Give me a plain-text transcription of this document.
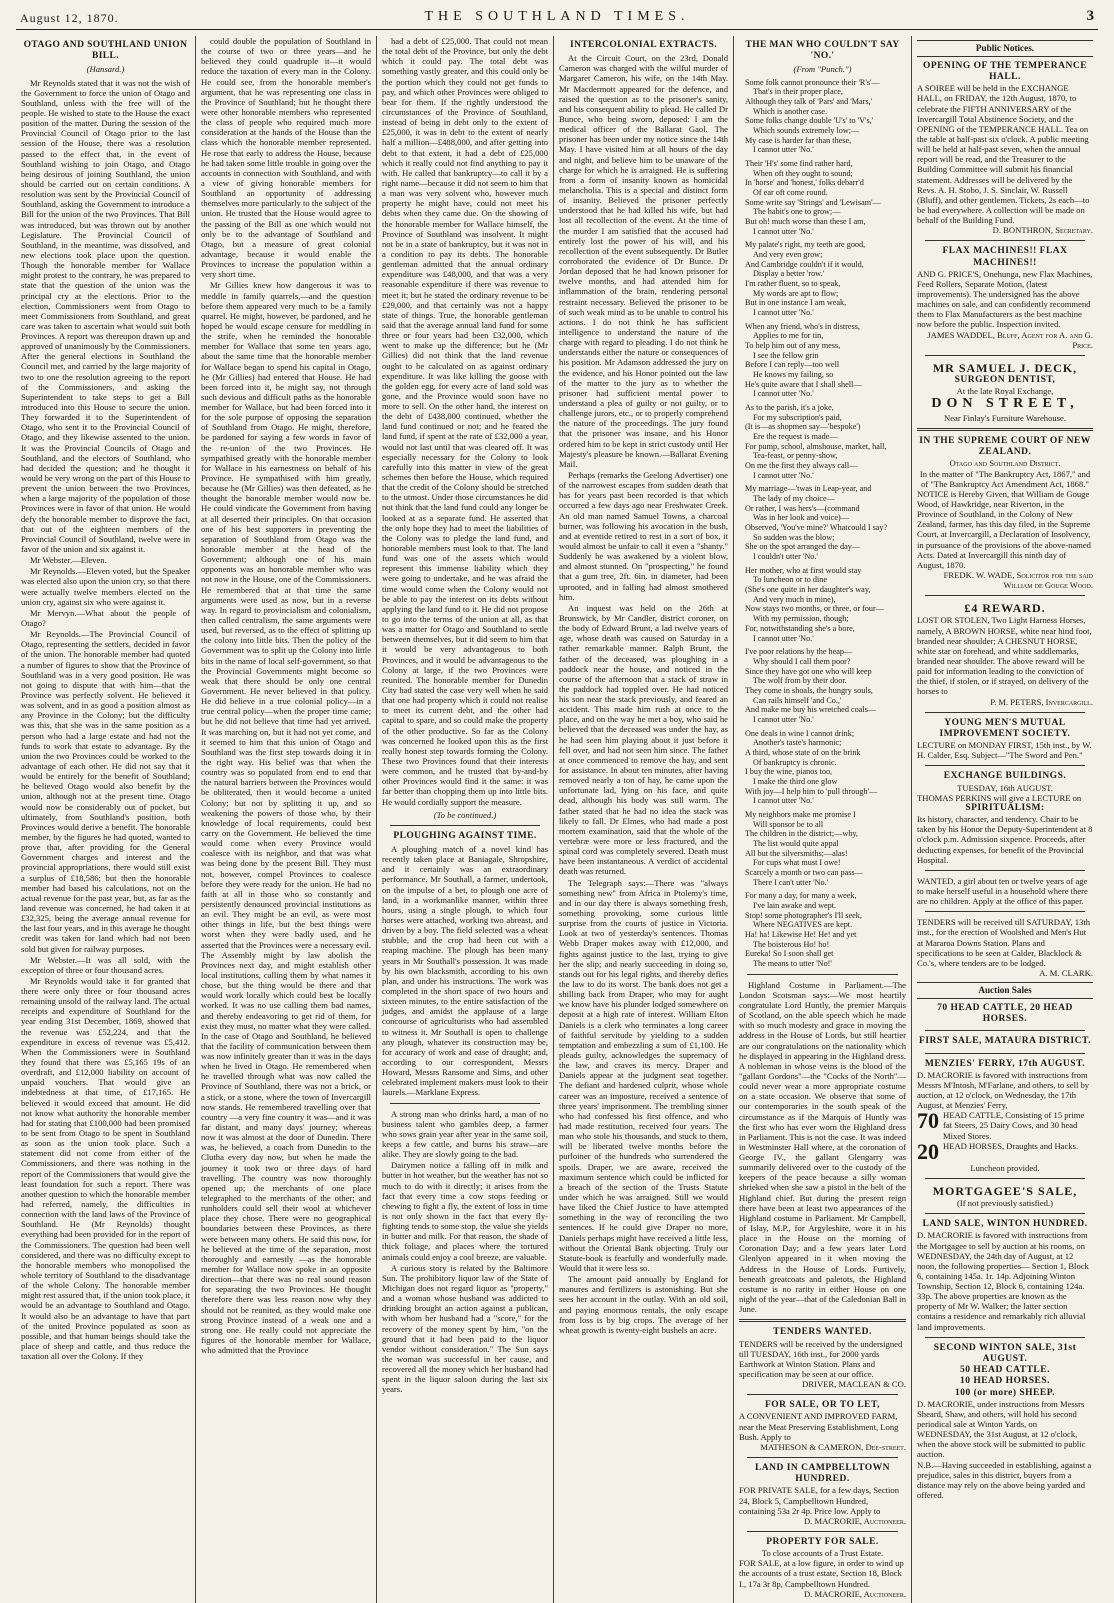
August 12, 1870.	THE SOUTHLAND TIMES.	3
OTAGO AND SOUTHLAND UNION BILL.
(Hansard.)

Mr Reynolds stated that it was not the wish of the Government to force the union of Otago and Southland, unless with the free will of the people. He wished to state to the House the exact position of the matter. During the session of the Provincial Council of Otago prior to the last session of the House, there was a resolution passed to the effect that, in the event of Southland wishing to join Otago, and Otago being desirous of joining Southland, the union should be carried out on certain conditions. A resolution was sent by the Provincial Council of Southland, asking the Government to introduce a Bill for the union of the two Provinces. That Bill was introduced, but was thrown out by another Legislature. The Provincial Council of Southland, in the meantime, was dissolved, and new elections took place upon the question. Though the honorable member for Wallace might protest to the contrary, he was prepared to state that the question of the union was the principal cry at the elections. Prior to the election, Commissioners went from Otago to meet Commissioners from Southland, and great care was taken to ascertain what would suit both Provinces. A report was thereupon drawn up and approved of unanimously by the Commissioners. After the general elections in Southland the Council met, and carried by the large majority of two to one the resolution agreeing to the report of the Commissioners, and asking the Superintendent to take steps to get a Bill introduced into this House to secure the union. They forwarded it to the Superintendent of Otago, who sent it to the Provincial Council of Otago, and they likewise assented to the union. It was the Provincial Councils of Otago and Southland, and the electors of Southland, who had decided the question; and he thought it would be very wrong on the part of this House to prevent the union between the two Provinces, when a large majority of the population of those Provinces were in favor of that union. He would defy the honorable member to disprove the fact, that out of the eighteen members of the Provincial Council of Southland, twelve were in favor of the union and six against it.

Mr Webster.—Eleven.

Mr Reynolds.—Eleven voted, but the Speaker was elected also upon the union cry, so that there were actually twelve members elected on the union cry, against six who were against it.

Mr Mervyn.—What about the people of Otago?

Mr Reynolds.—The Provincial Council of Otago, representing the settlers, decided in favor of the union. The honorable member had quoted a number of figures to show that the Province of Southland was in a very good position. He was not going to dispute that with him—that the Province was perfectly solvent. He believed it was solvent, and in as good a position almost as any Province in the Colony; but the difficulty was this, that she was in the same position as a person who had a large estate and had not the funds to work that estate to advantage. By the union the two Provinces could be worked to the advantage of each other. He did not say that it would be entirely for the benefit of Southland; he believed Otago would also benefit by the union, although not at the present time. Otago would now be considerably out of pocket, but ultimately, from Southland's position, both Provinces would derive a benefit. The honorable member, by the figures he had quoted, wanted to prove that, after providing for the General Government charges and interest and the provincial appropriations, there would still exist a surplus of £18,586; but then the honorable member had based his calculations, not on the actual revenue for the past year, but, as far as the land revenue was concerned, he had taken it at £32,325, being the average annual revenue for the last four years, and in this average he thought credit was taken for land which had not been sold but given for railway purposes.

Mr Webster.—It was all sold, with the exception of three or four thousand acres.

Mr Reynolds would take it for granted that there were only three or four thousand acres remaining unsold of the railway land. The actual receipts and expenditure of Southland for the year ending 31st December, 1869, showed that the revenue was £52,224, and that the expenditure in excess of revenue was £5,412. When the Commissioners were in Southland they found that there was £5,165 19s of an overdraft, and £12,000 liability on account of unpaid vouchers. That would give an indebtedness at that time, of £17,165. He believed it would exceed that amount. He did not know what authority the honorable member had for stating that £100,000 had been promised to be sent from Otago to be spent in Southland as soon as the union took place. Such a statement did not come from either of the Commissioners, and there was nothing in the report of the Commissioners that would give the least foundation for such a report. There was another question to which the honorable member had referred, namely, the difficulties in connection with the land laws of the Province of Southland. He (Mr Reynolds) thought everything had been provided for in the report of the Commissioners. The question had been well considered, and there was no difficulty except to the honorable members who monopolised the whole territory of Southland to the disadvantage of the whole Colony. The honorable member might rest assured that, if the union took place, it would be an advantage to Southland and Otago. It would also be an advantage to have that part of the united Province populated as soon as possible, and that human beings should take the place of sheep and cattle, and thus reduce the taxation all over the Colony. If they

could double the population of Southland in the course of two or three years—and he believed they could quadruple it—it would reduce the taxation of every man in the Colony. He could see, from the honorable member's argument, that he was representing one class in the Province of Southland; but he thought there were other honorable members who represented the class of people who required much more consideration at the hands of the House than the class which the honorable member represented. He rose that early to address the House, because he had taken some little trouble in going over the accounts in connection with Southland, and with a view of giving honorable members for Southland an opportunity of addressing themselves more particularly to the subject of the union. He trusted that the House would agree to the passing of the Bill as one which would not only be to the advantage of Southland and Otago, but a measure of great colonial advantage, because it would enable the Provinces to increase the population within a very short time.

Mr Gillies knew how dangerous it was to meddle in family quarrels,—and the question before them appeared very much to be a family quarrel. He might, however, be pardoned, and he hoped he would escape censure for meddling in the strife, when he reminded the honorable member for Wallace that some ten years ago, about the same time that the honorable member for Wallace began to spend his capital in Otago, he (Mr Gillies) had entered that House. He had been forced into it, he might say, not through such devious and difficult paths as the honorable member for Wallace, but had been forced into it for the sole purpose of opposing the separation of Southland from Otago. He might, therefore, be pardoned for saying a few words in favor of the re-union of the two Provinces. He sympathised greatly with the honorable member for Wallace in his earnestness on behalf of his Province. He sympathised with him greatly, because he (Mr Gillies) was then defeated, as he thought the honorable member would now be. He could vindicate the Government from having at all deserted their principles. On that occasion one of his best supporters in preventing the separation of Southland from Otago was the honorable member at the head of the Government; although one of his main opponents was an honorable member who was not now in the House, one of the Commissioners. He remembered that at that time the same arguments were used as now, but in a reverse way. In regard to provincialism and colonialism, then called centralism, the same arguments were used, but reversed, as to the effect of splitting up the colony into little bits. Then the policy of the Government was to split up the Colony into little bits in the name of local self-government, so that the Provincial Governments might become so weak that there should be only one central Government. He never believed in that policy. He did believe in a true colonial policy—in a true central policy—when the proper time came; but he did not believe that time had yet arrived. It was marching on, but it had not yet come, and it seemed to him that this union of Otago and Southland was the first step towards doing it in the right way. His belief was that when the country was so populated from end to end that the natural barriers between the Provinces would be obliterated, then it would become a united Colony; but not by splitting it up, and so weakening the powers of those who, by their knowledge of local requirements, could best carry on the Government. He believed the time would come when every Province would coalesce with its neighbor, and that was what was being done by the present Bill. They must not, however, compel Provinces to coalesce before they were ready for the union. He had no faith at all in those who so constantly and persistently denounced provincial institutions as an evil. They might be an evil, as were most other things in life, but the best things were worst when they were badly used, and he asserted that the Provinces were a necessary evil. The Assembly might by law abolish the Provinces next day, and might establish other local institutions, calling them by what names it chose, but the thing would be there and that would work locally which could best be locally worked. It was no use calling them bad names, and thereby endeavoring to get rid of them, for exist they must, no matter what they were called. In the case of Otago and Southland, he believed that the facility of communication between them was now infinitely greater than it was in the days when he lived in Otago. He remembered when he travelled through what was now called the Province of Southland, there was not a brick, or a stick, or a stone, where the town of Invercargill now stands. He remembered travelling over that country —a very fine country it was—and it was far distant, and many days' journey; whereas now it was almost at the door of Dunedin. There was, he believed, a coach from Dunedin to the Clutha every day now, but when he made the journey it took two or three days of hard travelling. The country was now thoroughly opened up; the merchants of one place telegraphed to the merchants of the other; and runholders could sell their wool at whichever place they chose. There were no geographical boundaries between these Provinces, as there were between many others. He said this now, for he believed at the time of the separation, most thoroughly and earnestly —as the honorable member for Wallace now spoke in an opposite direction—that there was no real sound reason for separating the two Provinces. He thought therefore there was less reason now why they should not be reunited, as they would make one strong Province instead of a weak one and a strong one. He really could not appreciate the figures of the honorable member for Wallace, who admitted that the Province

had a debt of £25,000. That could not mean the total debt of the Province, but only the debt which it could pay. The total debt was something vastly greater, and this could only be the portion which they could not get funds to pay, and which other Provinces were obliged to bear for them. If the rightly understood the circumstances of the Province of Southland, instead of being in debt only to the extent of £25,000, it was in debt to the extent of nearly half a million—£488,000, and after getting into debt to that extent, it had a debt of £25,000 which it really could not find anything to pay it with. He called that bankruptcy—to call it by a right name—because it did not seem to him that a man was very solvent who, however much property he might have, could not meet his debts when they came due. On the showing of the honorable member for Wallace himself, the Province of Southland was insolvent. It might not be in a state of bankruptcy, but it was not in a condition to pay its debts. The honorable gentleman admitted that the annual ordinary expenditure was £48,000, and that was a very reasonable expenditure if there was revenue to meet it; but he stated the ordinary revenue to be £29,000, and that certainly was not a happy state of things. True, the honorable gentleman said that the average annual land fund for some three or four years had been £32,000, which went to make up the difference; but he (Mr Gillies) did not think that the land revenue ought to be calculated on as against ordinary expenditure. It was like killing the goose with the golden egg, for every acre of land sold was gone, and the Province would soon have no more to sell. On the other hand, the interest on the debt of £438,000 continued, whether the land fund continued or not; and he feared the land fund, if spent at the rate of £32,000 a year, would not last until that was cleared off. It was especially necessary for the Colony to look carefully into this matter in view of the great schemes then before the House, which required that the credit of the Colony should be stretched to the utmost. Under those circumstances he did not think that the land fund could any longer be looked at as a separate fund. He asserted that the only hope they had to meet the liabilities of the Colony was to pledge the land fund, and honorable members must look to that. The land fund was one of the assets which would represent this immense liability which they were going to undertake, and he was afraid the time would come when the Colony would not be able to pay the interest on its debts without applying the land fund to it. He did not propose to go into the terms of the union at all, as that was a matter for Otago and Southland to settle between themselves, but it did seem to him that it would be very advantageous to both Provinces, and it would be advantageous to the Colony at large, if the two Provinces were reunited. The honorable member for Dunedin City had stated the case very well when he said that one had property which it could not realise to meet its current debt, and the other had capital to spare, and so could make the property of the other productive. So far as the Colony was concerned he looked upon this as the first really honest step towards forming the Colony. These two Provinces found that their interests were common, and he trusted that by-and-by other Provinces would find it the same: it was far better than chopping them up into little bits. He would cordially support the measure.

(To be continued.)
PLOUGHING AGAINST TIME.

A ploughing match of a novel kind has recently taken place at Baniagale, Shropshire, and it certainly was an extraordinary performance. Mr Southall, a farmer, undertook, on the impulse of a bet, to plough one acre of land, in a workmanlike manner, within three hours, using a single plough, to which four horses were attached, working two abreast, and driven by a boy. The field selected was a wheat stubble, and the crop had been cut with a reaping machine. The plough has been many years in Mr Southall's possession. It was made by his own blacksmith, according to his own plan, and under his instructions. The work was completed in the short space of two hours and sixteen minutes, to the entire satisfaction of the judges, and amidst the applause of a large concourse of agriculturists who had assembled to witness it. Mr Southall is open to challenge any plough, whatever its construction may be, for accuracy of work and ease of draught; and, according to our correspondent, Messrs Howard, Messrs Ransome and Sims, and other celebrated implement makers must look to their laurels.—Marklane Express.

A strong man who drinks hard, a man of no business talent who gambles deep, a farmer who sows grain year after year in the same soil, keeps a few cattle, and burns his straw—are alike. They are slowly going to the bad.

Dairymen notice a falling off in milk and butter in hot weather, but the weather has not so much to do with it directly; it arises from the fact that every time a cow stops feeding or chewing to fight a fly, the extent of loss in time is not only shown in the fact that every fly-fighting tends to some stop, the value she yields in butter and milk. For that reason, the shade of thick foliage, and places where the tortured animals could enjoy a cool breeze, are valuable.

A curious story is related by the Baltimore Sun. The prohibitory liquor law of the State of Michigan does not regard liquor as "property," and a woman whose husband was addicted to drinking brought an action against a publican, with whom her husband had a "score," for the recovery of the money spent by him, "on the ground that it had been paid to the liquor vendor without consideration." The Sun says the woman was successful in her cause, and recovered all the money which her husband had spent in the liquor saloon during the last six years.

INTERCOLONIAL EXTRACTS.

At the Circuit Court, on the 23rd, Donald Cameron was charged with the wilful murder of Margaret Cameron, his wife, on the 14th May. Mr Macdermott appeared for the defence, and raised the question as to the prisoner's sanity, and his consequent ability to plead. He called Dr Bunce, who being sworn, deposed: I am the medical officer of the Ballarat Gaol. The prisoner has been under my notice since the 14th May. I have visited him at all hours of the day and night, and believe him to be unaware of the charge for which he is arraigned. He is suffering from a form of insanity known as homicidal melancholia. This is a special and distinct form of insanity. Believed the prisoner perfectly understood that he had killed his wife, but had lost all recollection of the event. At the time of the murder I am satisfied that the accused had entirely lost the power of his will, and his recollection of the event subsequently. Dr Butler corroborated the evidence of Dr Bunce. Dr Jordan deposed that he had known prisoner for twelve months, and had attended him for inflammation of the brain, rendering personal restraint necessary. Believed the prisoner to be of such weak mind as to be unable to control his actions. I do not think he has sufficient intelligence to understand the nature of the charge with regard to pleading. I do not think he understands either the nature or consequences of his position. Mr Adamson addressed the jury on the evidence, and his Honor pointed out the law of the matter to the jury as to whether the prisoner had sufficient mental power to understand a plea of guilty or not guilty, or to challenge jurors, etc., or to properly comprehend the nature of the proceedings. The jury found that the prisoner was insane, and his Honor ordered him to be kept in strict custody until Her Majesty's pleasure be known.—Ballarat Evening Mail.

Perhaps (remarks the Geelong Advertiser) one of the narrowest escapes from sudden death that has for years past been recorded is that which occurred a few days ago near Freshwater Creek. An old man named Samuel Towns, a charcoal burner, was following his avocation in the bush, and at eventide retired to rest in a sort of box, it would almost be unfair to call it even a "shanty." Suddenly he was awakened by a violent blow, and almost stunned. On "prospecting," he found that a gum tree, 2ft. 6in. in diameter, had been uprooted, and in falling had almost smothered him.

An inquest was held on the 26th at Brunswick, by Mr Candler, district coroner, on the body of Edward Brunt, a lad twelve years of age, whose death was caused on Saturday in a rather remarkable manner. Ralph Brunt, the father of the deceased, was ploughing in a paddock near the house, and noticed in the course of the afternoon that a stack of straw in the paddock had toppled over. He had noticed his son near the stack previously, and feared an accident. This made him rush at once to the place, and on the way he met a boy, who said he believed that the deceased was under the hay, as he had seen him playing about it just before it fell over, and had not seen him since. The father at once commenced to remove the hay, and sent for assistance. In about ten minutes, after having removed nearly a ton of hay, he came upon the unfortunate lad, lying on his face, and quite dead, although his body was still warm. The father stated that he had no idea the stack was likely to fall. Dr Elmes, who had made a post mortem examination, said that the whole of the vertebræ were more or less fractured, and the spinal cord was completely severed. Death must have been instantaneous. A verdict of accidental death was returned.

The Telegraph says:—There was "always something new" from Africa in Ptolemy's time, and in our day there is always something fresh, something provoking, some curious little surprise from the courts of justice in Victoria. Look at two of yesterday's sentences. Thomas Webb Draper makes away with £12,000, and fights against justice to the last, trying to give her the slip; and nearly succeeding in doing so, stands out for his legal rights, and thereby defies the law to do its worst. The bank does not get a shilling back from Draper, who may for aught we know have his plunder lodged somewhere on deposit at a high rate of interest. William Elton Daniels is a clerk who terminates a long career of faithful servitude by yielding to a sudden temptation and embezzling a sum of £1,100. He pleads guilty, acknowledges the supremacy of the law, and craves its mercy. Draper and Daniels appear at the judgment seat together. The defiant and hardened culprit, whose whole career was an imposture, received a sentence of three years' imprisonment. The trembling sinner who had confessed his first offence, and who had made restitution, received four years. The man who stole his thousands, and stuck to them, will be liberated twelve months before the purloiner of the hundreds who surrendered the spoils. Draper, we are aware, received the maximum sentence which could be inflicted for a breach of the section of the Trusts Statute under which he was arraigned. Still we would have liked the Chief Justice to have attempted something in the way of reconciling the two sentences. If he could give Draper no more, Daniels perhaps might have received a little less, without the Oriental Bank objecting. Truly our Statute-book is fearfully and wonderfully made. Would that it were less so.

The amount paid annually by England for manures and fertilizers is astonishing. But she sees her account in the outlay. With an old soil, and paying enormous rentals, the only escape from loss is by big crops. The average of her wheat growth is twenty-eight bushels an acre.

THE MAN WHO COULDN'T SAY 'NO.'
(From "Punch.")
Some folk cannot pronounce their 'R's'—
That's in their proper place,
Although they talk of 'Pars' and 'Mars,'
Which is another case.
Some folks change double 'U's' to 'V's,'
Which sounds extremely low;—
My case is harder far than these,
I cannot utter 'No.'
Their 'H's' some find rather hard,
When oft they ought to sound;
In 'horse' and 'honest,' folks debarr'd
Of ear oft come round.
Some write say 'Strings' and 'Lewisam'—
The habit's one to grow;—
But oh! much worse than these I am,
I cannot utter 'No.'
My palate's right, my teeth are good,
And very even grow;
And Cambridge couldn't if it would,
Display a better 'row.'
I'm rather fluent, so to speak,
My words are apt to flow;
But in one instance I am weak,
I cannot utter 'No.'
When any friend, who's in distress,
Applies to me for tin,
To help him out of any mess,
I see the fellow grin
Before I can reply—too well
He knows my failing, so
He's quite aware that I shall shell—
I cannot utter 'No.'
As to the parish, it's a joke,
For my subscription's paid,
(It is—as shopmen say—'bespoke')
Ere the request is made—
For pump, school, almshouse, market, hall,
Tea-feast, or penny-show,
On me the first they always call—
I cannot utter 'No.'
My marriage—'twas in Leap-year, and
The lady of my choice—
Or rather, I was hers's—(command
Was in her look and voice)—
Observed, 'You've mine?' Whatcould I say?
So sudden was the blow;
She on the spot arranged the day—
I couldn't utter 'No.'
Her mother, who at first would stay
To luncheon or to dine
(She's one quite in her daughter's way,
And very much in mine),
Now stays two months, or three, or four—
With my permission, though;
For, notwithstanding she's a bore,
I cannot utter 'No.'
I've poor relations by the heap—
Why should I call them poor?
Since they have got one who will keep
The wolf from by their door.
They come in shoals, the hungry souls,
Can rails himself 'and Co.,'
And make me buy his wretched coals—
I cannot utter 'No.'
One deals in wine I cannot drink;
Another's taste's harmonic;
A third, whose state of on the brink
Of bankruptcy is chronic.
I buy the wine, pianos too,
I make the third one glow
With joy—I help him to 'pull through'—
I cannot utter 'No.'
My neighbors make me promise I
Will sponsor be to all
The children in the district;—why,
The list would quite appal
All but the silversmiths;—alas!
For cups what must I owe!
Scarcely a month or two can pass—
There I can't utter 'No.'
For many a day, for many a week,
I've lain awake and wept.
Stop! some photographer's I'll seek,
Where NEGATIVES are kept.
Ha! ha! Likewise He! He! and yet
The boisterous Ho! ho!
Eureka! So I soon shall get
The means to utter 'No!'

Highland Costume in Parliament.—The London Scotsman says:—We most heartily congratulate Lord Huntly, the premier Marquis of Scotland, on the able speech which he made with so much modesty and grace in moving the address in the House of Lords, but still heartier are our congratulations on the nationality which he displayed in appearing in the Highland dress. A nobleman in whose veins is the blood of the "gallant Gordons"—the "Cocks of the North"—could never wear a more appropriate costume on a state occasion. We observe that some of our contemporaries in the south speak of the circumstance as if the Marquis of Huntly was the first who has ever worn the Highland dress in Parliament. This is not the case. It was indeed in Westminster Hall where, at the coronation of George IV., the gallant Glengarry was summarily delivered over to the custody of the keepers of the peace because a silly woman shrieked when she saw a pistol in the belt of the Highland chief. But during the present reign there have been at least two appearances of the Highland costume in Parliament. Mr Campbell, of Islay, M.P., for Argyleshire, wore it in his place in the House on the morning of Coronation Day; and a few years later Lord Glenlyon appeared in it when moving the Address in the House of Lords. Furtively, beneath greatcoats and paletots, the Highland costume is no rarity in either House on one night of the year—that of the Caledonian Ball in June.

TENDERS WANTED.
TENDERS will be received by the undersigned till TUESDAY, 16th inst., for 2000 yards Earthwork at Winton Station. Plans and specification may be seen at our office.
DRIVER, MACLEAN & CO.
FOR SALE, OR TO LET,
A CONVENIENT AND IMPROVED FARM, near the Meat Preserving Establishment, Long Bush. Apply to
MATHESON & CAMERON, Dee-street.
LAND IN CAMPBELLTOWN HUNDRED.
FOR PRIVATE SALE, for a few days, Section 24, Block 5, Campbelltown Hundred, containing 53a 2r 4p. Price low. Apply to
D. MACRORIE, Auctioneer.
PROPERTY FOR SALE.
To close accounts of a Trust Estate.
FOR SALE, at a low figure, in order to wind up the accounts of a trust estate, Section 18, Block I., 17a 3r 8p, Campbelltown Hundred.
D. MACRORIE, Auctioneer.
Public Notices.
OPENING OF THE TEMPERANCE HALL.
A SOIREE will be held in the EXCHANGE HALL, on FRIDAY, the 12th August, 1870, to celebrate the FIFTH ANNIVERSARY of the Invercargill Total Abstinence Society, and the OPENING of the TEMPERANCE HALL. Tea on the table at half-past six o'clock. A public meeting will be held at half-past seven, when the annual report will be read, and the Treasurer to the Building Committee will submit his financial statement. Addresses will be delivered by the Revs. A. H. Stobo, J. S. Sinclair, W. Russell (Bluff), and other gentlemen. Tickets, 2s each—to be had everywhere. A collection will be made on behalf of the Building Fund.
D. BONTHRON, Secretary.
FLAX MACHINES!! FLAX MACHINES!!
AND G. PRICE'S, Onehunga, new Flax Machines, Feed Rollers, Separate Motion, (latest improvements). The undersigned has the above machines on sale, and can confidently recommend them to Flax Manufacturers as the best machine now before the public. Inspection invited.
JAMES WADDEL, Bluff, Agent for A. and G. Price.
MR SAMUEL J. DECK,
SURGEON DENTIST,
At the late Royal Exchange,
DON STREET,
Near Finlay's Furniture Warehouse.
IN THE SUPREME COURT OF NEW ZEALAND.
Otago and Southland District.
In the matter of "The Bankruptcy Act, 1867," and of "The Bankruptcy Act Amendment Act, 1868."
NOTICE is Hereby Given, that William de Gouge Wood, of Hawkridge, near Riverton, in the Province of Southland, in the Colony of New Zealand, farmer, has this day filed, in the Supreme Court, at Invercargill, a Declaration of Insolvency, in pursuance of the provisions of the above-named Acts. Dated at Invercargill this ninth day of August, 1870.
FREDK. W. WADE, Solicitor for the said William de Gouge Wood.
£4 REWARD.
LOST OR STOLEN, Two Light Harness Horses, namely, A BROWN HORSE, white near hind foot, branded near shoulder; A CHESNUT HORSE, white star on forehead, and white saddlemarks, branded near shoulder. The above reward will be paid for information leading to the conviction of the thief, if stolen, or if strayed, on delivery of the horses to
P. M. PETERS, Invercargill.
YOUNG MEN'S MUTUAL IMPROVEMENT SOCIETY.
LECTURE on MONDAY FIRST, 15th inst., by W. H. Calder, Esq. Subject—"The Sword and Pen."
EXCHANGE BUILDINGS.
TUESDAY, 16th AUGUST.
THOMAS PERKINS will give a LECTURE on
SPIRITUALISM:
Its history, character, and tendency. Chair to be taken by his Honor the Deputy-Superintendent at 8 o'clock p.m. Admission sixpence. Proceeds, after deducting expenses, for benefit of the Provincial Hospital.
WANTED, a girl about ten or twelve years of age to make herself useful in a household where there are no children. Apply at the office of this paper.
TENDERS will be received till SATURDAY, 13th inst., for the erection of Woolshed and Men's Hut at Mararoa Downs Station. Plans and specifications to be seen at Calder, Blacklock & Co.'s, where tenders are to be lodged.
A. M. CLARK.
Auction Sales
70 HEAD CATTLE, 20 HEAD HORSES.
FIRST SALE, MATAURA DISTRICT.
MENZIES' FERRY, 17th AUGUST.
D. MACRORIE is favored with instructions from Messrs M'Intosh, M'Farlane, and others, to sell by auction, at 12 o'clock, on Wednesday, the 17th August, at Menzies' Ferry,
70 HEAD CATTLE, Consisting of 15 prime fat Steers, 25 Dairy Cows, and 30 head Mixed Stores.
20 HEAD HORSES, Draughts and Hacks.
Luncheon provided.
MORTGAGEE'S SALE,
(If not previously satisfied.)
LAND SALE, WINTON HUNDRED.
D. MACRORIE is favored with instructions from the Mortgagee to sell by auction at his rooms, on WEDNESDAY, the 24th day of August, at 12 noon, the following properties— Section 1, Block 6, containing 145a. 1r. 14p. Adjoining Winton Township, Section 12, Block 6, containing 124a. 33p. The above properties are known as the property of Mr W. Walker; the latter section contains a residence and remarkably rich alluvial land improvements.
SECOND WINTON SALE, 31st AUGUST.
50 HEAD CATTLE.
10 HEAD HORSES.
100 (or more) SHEEP.
D. MACRORIE, under instructions from Messrs Sheard, Shaw, and others, will hold his second periodical sale at Winton Yards, on WEDNESDAY, the 31st August, at 12 o'clock, when the above stock will be submitted to public auction.
N.B.—Having succeeded in establishing, against a prejudice, sales in this district, buyers from a distance may rely on the above being yarded and offered.
